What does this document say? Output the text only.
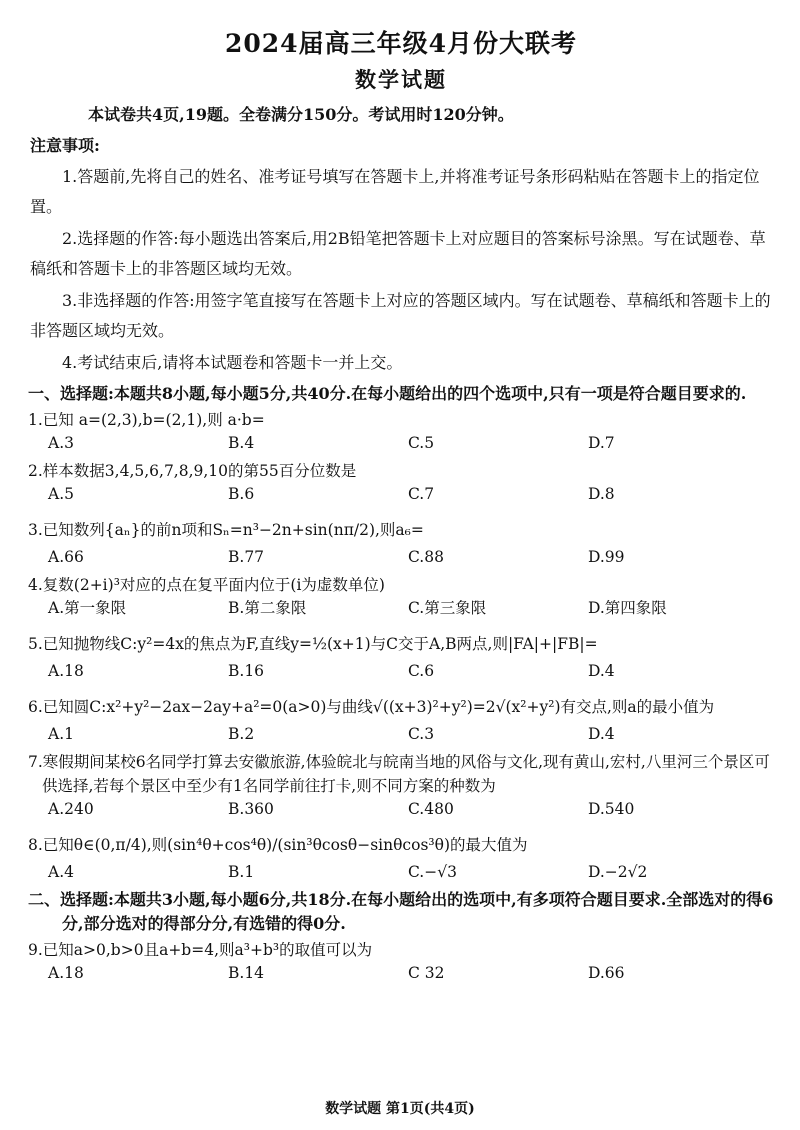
2024届高三年级4月份大联考
数学试题
本试卷共4页,19题。全卷满分150分。考试用时120分钟。
注意事项:
1.答题前,先将自己的姓名、准考证号填写在答题卡上,并将准考证号条形码粘贴在答题卡上的指定位置。
2.选择题的作答:每小题选出答案后,用2B铅笔把答题卡上对应题目的答案标号涂黑。写在试题卷、草稿纸和答题卡上的非答题区域均无效。
3.非选择题的作答:用签字笔直接写在答题卡上对应的答题区域内。写在试题卷、草稿纸和答题卡上的非答题区域均无效。
4.考试结束后,请将本试题卷和答题卡一并上交。
一、选择题:本题共8小题,每小题5分,共40分.在每小题给出的四个选项中,只有一项是符合题目要求的.
1.已知 a=(2,3),b=(2,1),则 a·b=
A.3	B.4	C.5	D.7
2.样本数据3,4,5,6,7,8,9,10的第55百分位数是
A.5	B.6	C.7	D.8
3.已知数列{aₙ}的前n项和Sₙ=n³−2n+sin(nπ/2),则a₆=
A.66	B.77	C.88	D.99
4.复数(2+i)³对应的点在复平面内位于(i为虚数单位)
A.第一象限	B.第二象限	C.第三象限	D.第四象限
5.已知抛物线C:y²=4x的焦点为F,直线y=½(x+1)与C交于A,B两点,则|FA|+|FB|=
A.18	B.16	C.6	D.4
6.已知圆C:x²+y²−2ax−2ay+a²=0(a>0)与曲线√((x+3)²+y²)=2√(x²+y²)有交点,则a的最小值为
A.1	B.2	C.3	D.4
7.寒假期间某校6名同学打算去安徽旅游,体验皖北与皖南当地的风俗与文化,现有黄山,宏村,八里河三个景区可供选择,若每个景区中至少有1名同学前往打卡,则不同方案的种数为
A.240	B.360	C.480	D.540
8.已知θ∈(0,π/4),则(sin⁴θ+cos⁴θ)/(sin³θcosθ−sinθcos³θ)的最大值为
A.4	B.1	C.−√3	D.−2√2
二、选择题:本题共3小题,每小题6分,共18分.在每小题给出的选项中,有多项符合题目要求.全部选对的得6分,部分选对的得部分分,有选错的得0分.
9.已知a>0,b>0且a+b=4,则a³+b³的取值可以为
A.18	B.14	C 32	D.66
数学试题 第1页(共4页)
